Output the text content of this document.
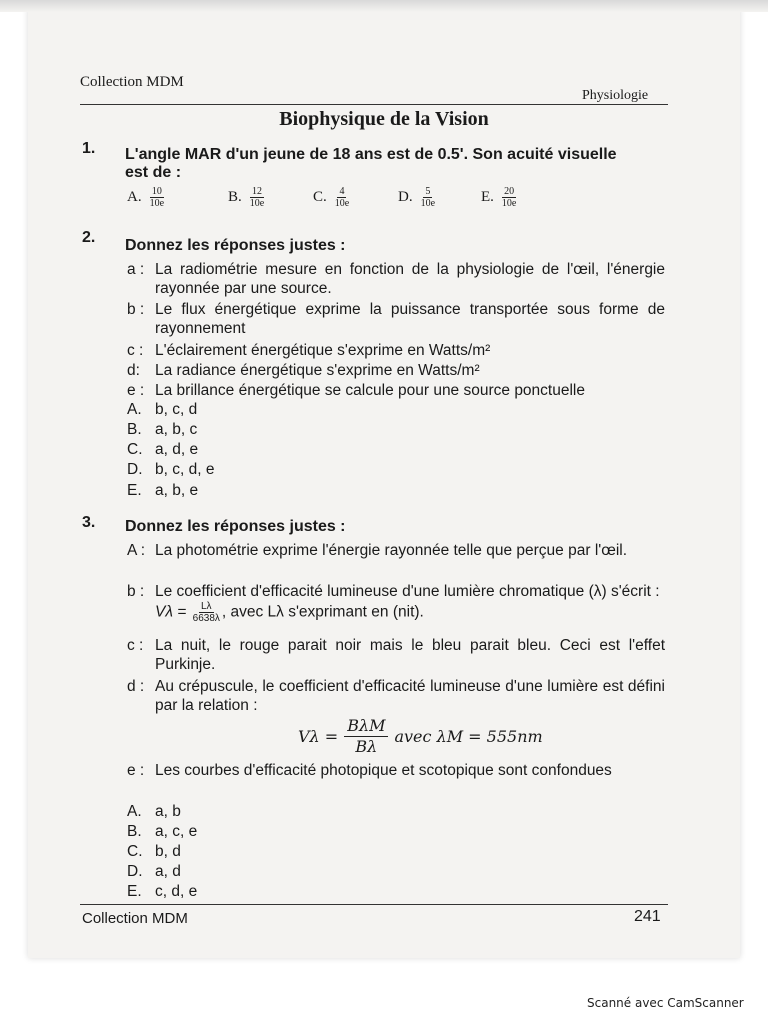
Collection MDM
Physiologie
Biophysique de la Vision
1. L'angle MAR d'un jeune de 18 ans est de 0.5'. Son acuité visuelle
est de :
A. $\frac{10}{10e}$	B. $\frac{12}{10e}$	C. $\frac{4}{10e}$	D. $\frac{5}{10e}$	E. $\frac{20}{10e}$
2. Donnez les réponses justes :
a : La radiométrie mesure en fonction de la physiologie de l'œil, l'énergie rayonnée par une source.
b : Le flux énergétique exprime la puissance transportée sous forme de rayonnement
c : L'éclairement énergétique s'exprime en Watts/m²
d: La radiance énergétique s'exprime en Watts/m²
e : La brillance énergétique se calcule pour une source ponctuelle
A. b, c, d
B. a, b, c
C. a, d, e
D. b, c, d, e
E. a, b, e
3. Donnez les réponses justes :
A : La photométrie exprime l'énergie rayonnée telle que perçue par l'œil.
b : Le coefficient d'efficacité lumineuse d'une lumière chromatique (λ) s'écrit : $V\lambda = \frac{L\lambda}{6638\lambda}$ , avec Lλ s'exprimant en (nit).
c : La nuit, le rouge parait noir mais le bleu parait bleu. Ceci est l'effet Purkinje.
d : Au crépuscule, le coefficient d'efficacité lumineuse d'une lumière est défini par la relation :
$V\lambda = \frac{\text{BλM}}{B\lambda}$ avec λM = 555nm
e : Les courbes d'efficacité photopique et scotopique sont confondues
A. a, b
B. a, c, e
C. b, d
D. a, d
E. c, d, e
Collection MDM	241
Scanné avec CamScanner
